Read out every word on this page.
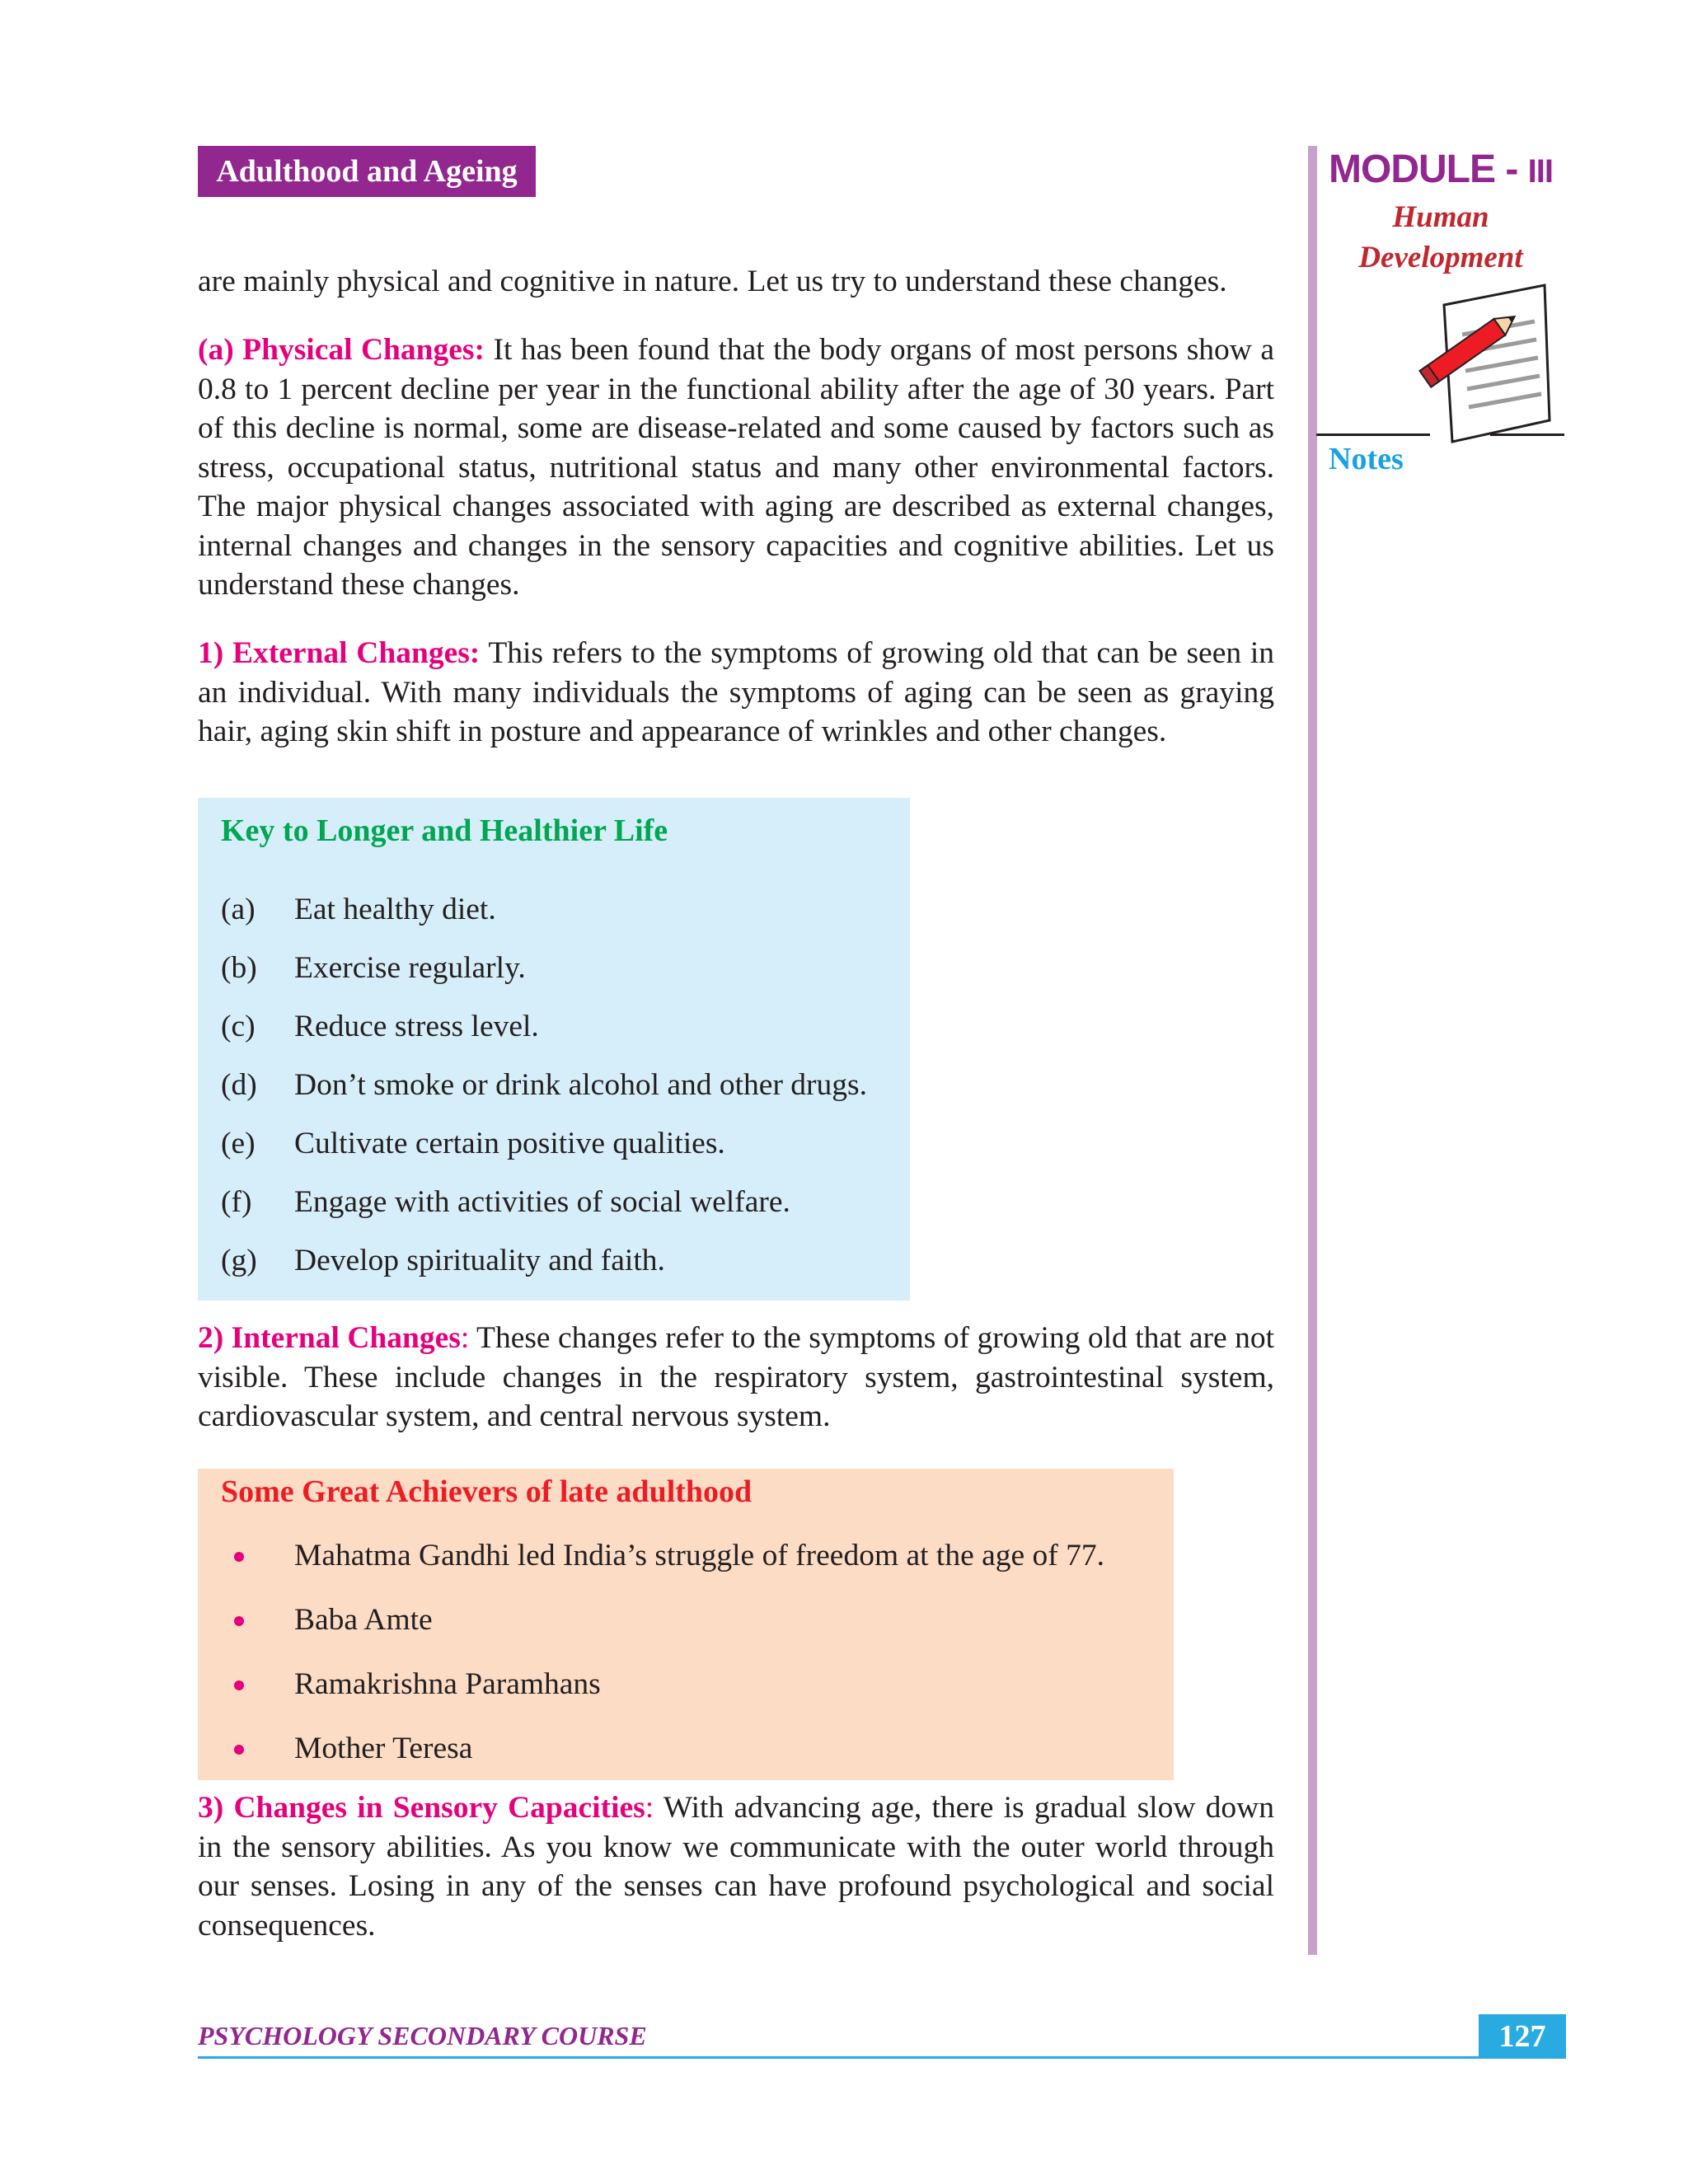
Adulthood and Ageing	MODULE - III
Human
Development
Notes

are mainly physical and cognitive in nature. Let us try to understand these changes.

(a) Physical Changes: It has been found that the body organs of most persons show a 0.8 to 1 percent decline per year in the functional ability after the age of 30 years. Part of this decline is normal, some are disease-related and some caused by factors such as stress, occupational status, nutritional status and many other environmental factors. The major physical changes associated with aging are described as external changes, internal changes and changes in the sensory capacities and cognitive abilities. Let us understand these changes.

1) External Changes: This refers to the symptoms of growing old that can be seen in an individual. With many individuals the symptoms of aging can be seen as graying hair, aging skin shift in posture and appearance of wrinkles and other changes.

Key to Longer and Healthier Life
(a) Eat healthy diet.
(b) Exercise regularly.
(c) Reduce stress level.
(d) Don’t smoke or drink alcohol and other drugs.
(e) Cultivate certain positive qualities.
(f) Engage with activities of social welfare.
(g) Develop spirituality and faith.

2) Internal Changes: These changes refer to the symptoms of growing old that are not visible. These include changes in the respiratory system, gastrointestinal system, cardiovascular system, and central nervous system.

Some Great Achievers of late adulthood
Mahatma Gandhi led India’s struggle of freedom at the age of 77.
Baba Amte
Ramakrishna Paramhans
Mother Teresa

3) Changes in Sensory Capacities: With advancing age, there is gradual slow down in the sensory abilities. As you know we communicate with the outer world through our senses. Losing in any of the senses can have profound psychological and social consequences.

PSYCHOLOGY SECONDARY COURSE	127
